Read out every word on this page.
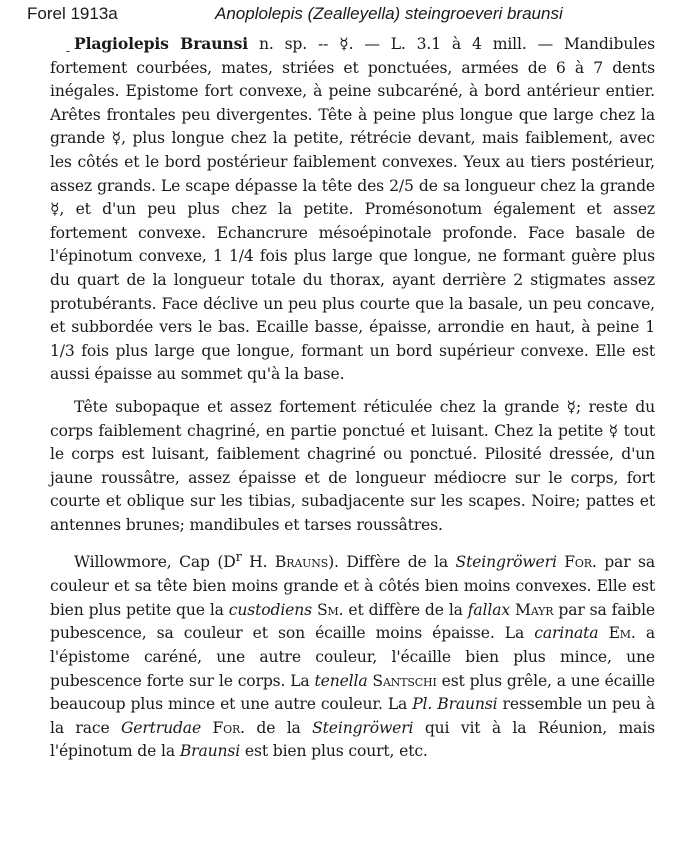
Forel 1913a	Anoplolepis (Zealleyella) steingroeveri braunsi

- Plagiolepis Braunsi n. sp. -- ☿. — L. 3.1 à 4 mill. — Mandibules fortement courbées, mates, striées et ponctuées, armées de 6 à 7 dents inégales. Epistome fort convexe, à peine subcaréné, à bord antérieur entier. Arêtes frontales peu divergentes. Tête à peine plus longue que large chez la grande ☿, plus longue chez la petite, rétrécie devant, mais faiblement, avec les côtés et le bord postérieur faiblement convexes. Yeux au tiers postérieur, assez grands. Le scape dépasse la tête des 2/5 de sa longueur chez la grande ☿, et d'un peu plus chez la petite. Promésonotum également et assez fortement convexe. Echancrure mésoépinotale profonde. Face basale de l'épinotum convexe, 1 1/4 fois plus large que longue, ne formant guère plus du quart de la longueur totale du thorax, ayant derrière 2 stigmates assez protubérants. Face déclive un peu plus courte que la basale, un peu concave, et subbordée vers le bas. Ecaille basse, épaisse, arrondie en haut, à peine 1 1/3 fois plus large que longue, formant un bord supérieur convexe. Elle est aussi épaisse au sommet qu'à la base.

Tête subopaque et assez fortement réticulée chez la grande ☿; reste du corps faiblement chagriné, en partie ponctué et luisant. Chez la petite ☿ tout le corps est luisant, faiblement chagriné ou ponctué. Pilosité dressée, d'un jaune roussâtre, assez épaisse et de longueur médiocre sur le corps, fort courte et oblique sur les tibias, subadjacente sur les scapes. Noire; pattes et antennes brunes; mandibules et tarses roussâtres.

Willowmore, Cap ($D^r$ H. Brauns). Diffère de la Steingröweri For. par sa couleur et sa tête bien moins grande et à côtés bien moins convexes. Elle est bien plus petite que la custodiens Sm. et diffère de la fallax Mayr par sa faible pubescence, sa couleur et son écaille moins épaisse. La carinata Em. a l'épistome caréné, une autre couleur, l'écaille bien plus mince, une pubescence forte sur le corps. La tenella Santschi est plus grêle, a une écaille beaucoup plus mince et une autre couleur. La Pl. Braunsi ressemble un peu à la race Gertrudae For. de la Steingröweri qui vit à la Réunion, mais l'épinotum de la Braunsi est bien plus court, etc.
